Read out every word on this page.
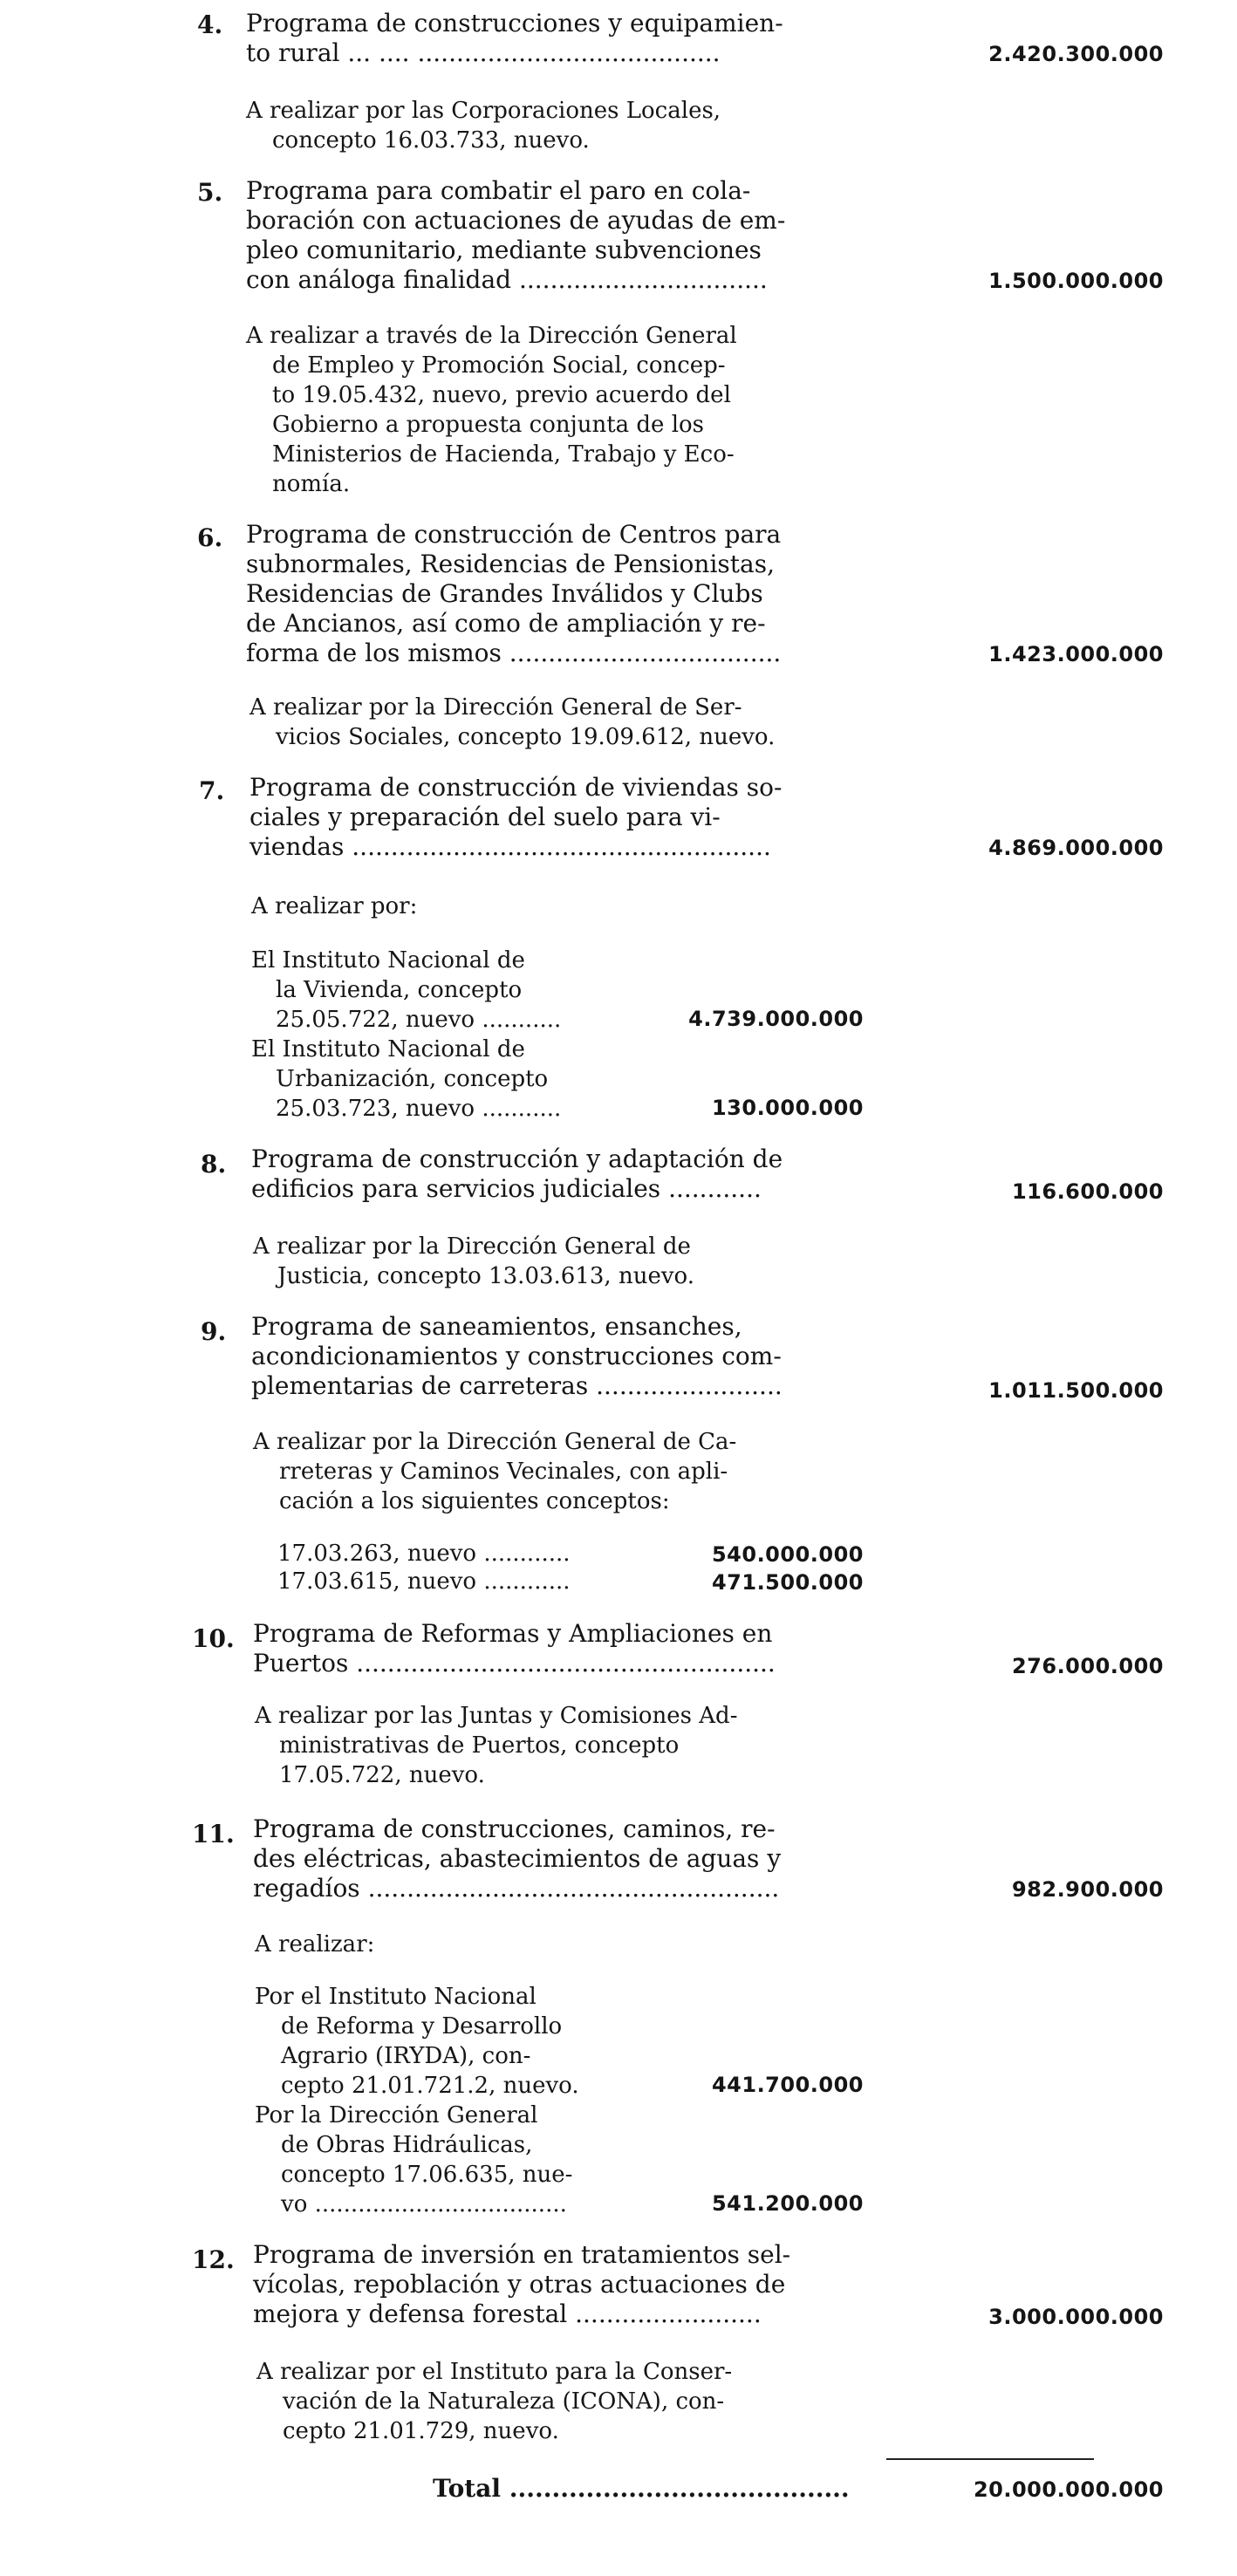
4. Programa de construcciones y equipamien-
to rural ... .... .......................................	2.420.300.000
A realizar por las Corporaciones Locales,
concepto 16.03.733, nuevo.
5. Programa para combatir el paro en cola-
boración con actuaciones de ayudas de em-
pleo comunitario, mediante subvenciones
con análoga finalidad ................................	1.500.000.000
A realizar a través de la Dirección General
de Empleo y Promoción Social, concep-
to 19.05.432, nuevo, previo acuerdo del
Gobierno a propuesta conjunta de los
Ministerios de Hacienda, Trabajo y Eco-
nomía.
6. Programa de construcción de Centros para
subnormales, Residencias de Pensionistas,
Residencias de Grandes Inválidos y Clubs
de Ancianos, así como de ampliación y re-
forma de los mismos ...................................	1.423.000.000
A realizar por la Dirección General de Ser-
vicios Sociales, concepto 19.09.612, nuevo.
7. Programa de construcción de viviendas so-
ciales y preparación del suelo para vi-
viendas ......................................................	4.869.000.000
A realizar por:
El Instituto Nacional de
la Vivienda, concepto
25.05.722, nuevo ...........	4.739.000.000
El Instituto Nacional de
Urbanización, concepto
25.03.723, nuevo ...........	130.000.000
8. Programa de construcción y adaptación de
edificios para servicios judiciales ............	116.600.000
A realizar por la Dirección General de
Justicia, concepto 13.03.613, nuevo.
9. Programa de saneamientos, ensanches,
acondicionamientos y construcciones com-
plementarias de carreteras ........................	1.011.500.000
A realizar por la Dirección General de Ca-
rreteras y Caminos Vecinales, con apli-
cación a los siguientes conceptos:
17.03.263, nuevo ............	540.000.000
17.03.615, nuevo ............	471.500.000
10. Programa de Reformas y Ampliaciones en
Puertos ......................................................	276.000.000
A realizar por las Juntas y Comisiones Ad-
ministrativas de Puertos, concepto
17.05.722, nuevo.
11. Programa de construcciones, caminos, re-
des eléctricas, abastecimientos de aguas y
regadíos .....................................................	982.900.000
A realizar:
Por el Instituto Nacional
de Reforma y Desarrollo
Agrario (IRYDA), con-
cepto 21.01.721.2, nuevo.	441.700.000
Por la Dirección General
de Obras Hidráulicas,
concepto 17.06.635, nue-
vo ...................................	541.200.000
12. Programa de inversión en tratamientos sel-
vícolas, repoblación y otras actuaciones de
mejora y defensa forestal ........................	3.000.000.000
A realizar por el Instituto para la Conser-
vación de la Naturaleza (ICONA), con-
cepto 21.01.729, nuevo.
Total ........................................	20.000.000.000
